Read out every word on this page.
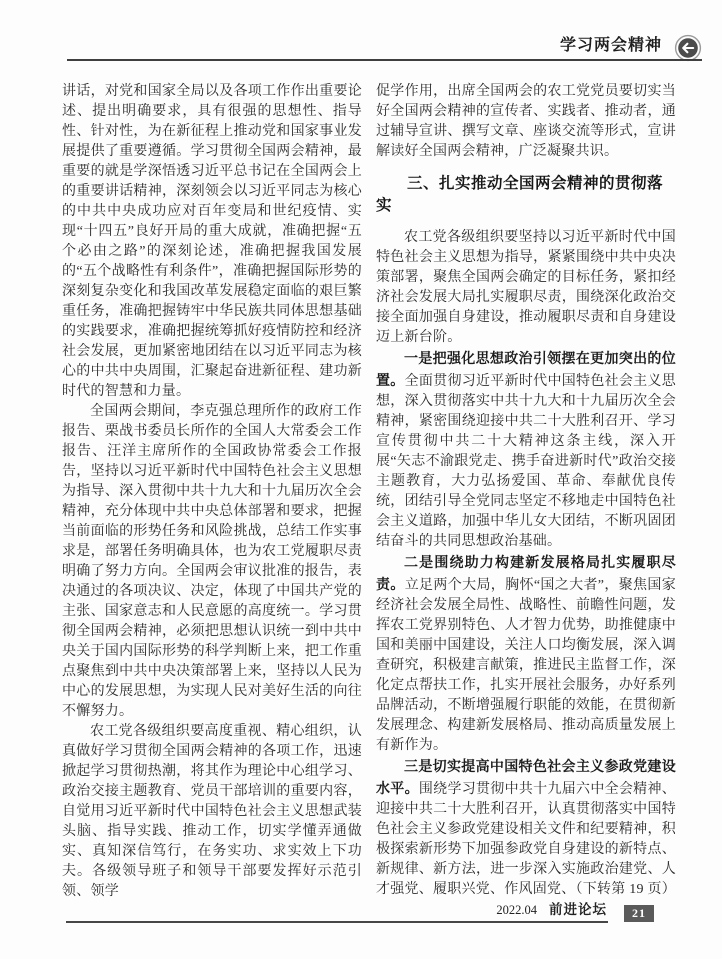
学习两会精神

讲话，对党和国家全局以及各项工作作出重要论述、提出明确要求，具有很强的思想性、指导性、针对性，为在新征程上推动党和国家事业发展提供了重要遵循。学习贯彻全国两会精神，最重要的就是学深悟透习近平总书记在全国两会上的重要讲话精神，深刻领会以习近平同志为核心的中共中央成功应对百年变局和世纪疫情、实现“十四五”良好开局的重大成就，准确把握“五个必由之路”的深刻论述，准确把握我国发展的“五个战略性有利条件”，准确把握国际形势的深刻复杂变化和我国改革发展稳定面临的艰巨繁重任务，准确把握铸牢中华民族共同体思想基础的实践要求，准确把握统筹抓好疫情防控和经济社会发展，更加紧密地团结在以习近平同志为核心的中共中央周围，汇聚起奋进新征程、建功新时代的智慧和力量。

全国两会期间，李克强总理所作的政府工作报告、栗战书委员长所作的全国人大常委会工作报告、汪洋主席所作的全国政协常委会工作报告，坚持以习近平新时代中国特色社会主义思想为指导、深入贯彻中共十九大和十九届历次全会精神，充分体现中共中央总体部署和要求，把握当前面临的形势任务和风险挑战，总结工作实事求是，部署任务明确具体，也为农工党履职尽责明确了努力方向。全国两会审议批准的报告，表决通过的各项决议、决定，体现了中国共产党的主张、国家意志和人民意愿的高度统一。学习贯彻全国两会精神，必须把思想认识统一到中共中央关于国内国际形势的科学判断上来，把工作重点聚焦到中共中央决策部署上来，坚持以人民为中心的发展思想，为实现人民对美好生活的向往不懈努力。

农工党各级组织要高度重视、精心组织，认真做好学习贯彻全国两会精神的各项工作，迅速掀起学习贯彻热潮，将其作为理论中心组学习、政治交接主题教育、党员干部培训的重要内容，自觉用习近平新时代中国特色社会主义思想武装头脑、指导实践、推动工作，切实学懂弄通做实、真知深信笃行，在务实功、求实效上下功夫。各级领导班子和领导干部要发挥好示范引领、领学

促学作用，出席全国两会的农工党党员要切实当好全国两会精神的宣传者、实践者、推动者，通过辅导宣讲、撰写文章、座谈交流等形式，宣讲解读好全国两会精神，广泛凝聚共识。

三、扎实推动全国两会精神的贯彻落实

农工党各级组织要坚持以习近平新时代中国特色社会主义思想为指导，紧紧围绕中共中央决策部署，聚焦全国两会确定的目标任务，紧扣经济社会发展大局扎实履职尽责，围绕深化政治交接全面加强自身建设，推动履职尽责和自身建设迈上新台阶。

一是把强化思想政治引领摆在更加突出的位置。全面贯彻习近平新时代中国特色社会主义思想，深入贯彻落实中共十九大和十九届历次全会精神，紧密围绕迎接中共二十大胜利召开、学习宣传贯彻中共二十大精神这条主线，深入开展“矢志不渝跟党走、携手奋进新时代”政治交接主题教育，大力弘扬爱国、革命、奉献优良传统，团结引导全党同志坚定不移地走中国特色社会主义道路，加强中华儿女大团结，不断巩固团结奋斗的共同思想政治基础。

二是围绕助力构建新发展格局扎实履职尽责。立足两个大局，胸怀“国之大者”，聚焦国家经济社会发展全局性、战略性、前瞻性问题，发挥农工党界别特色、人才智力优势，助推健康中国和美丽中国建设，关注人口均衡发展，深入调查研究，积极建言献策，推进民主监督工作，深化定点帮扶工作，扎实开展社会服务，办好系列品牌活动，不断增强履行职能的效能，在贯彻新发展理念、构建新发展格局、推动高质量发展上有新作为。

三是切实提高中国特色社会主义参政党建设水平。围绕学习贯彻中共十九届六中全会精神、迎接中共二十大胜利召开，认真贯彻落实中国特色社会主义参政党建设相关文件和纪要精神，积极探索新形势下加强参政党自身建设的新特点、新规律、新方法，进一步深入实施政治建党、人才强党、履职兴党、作风固党、（下转第 19 页）

2022.04 前进论坛	21
